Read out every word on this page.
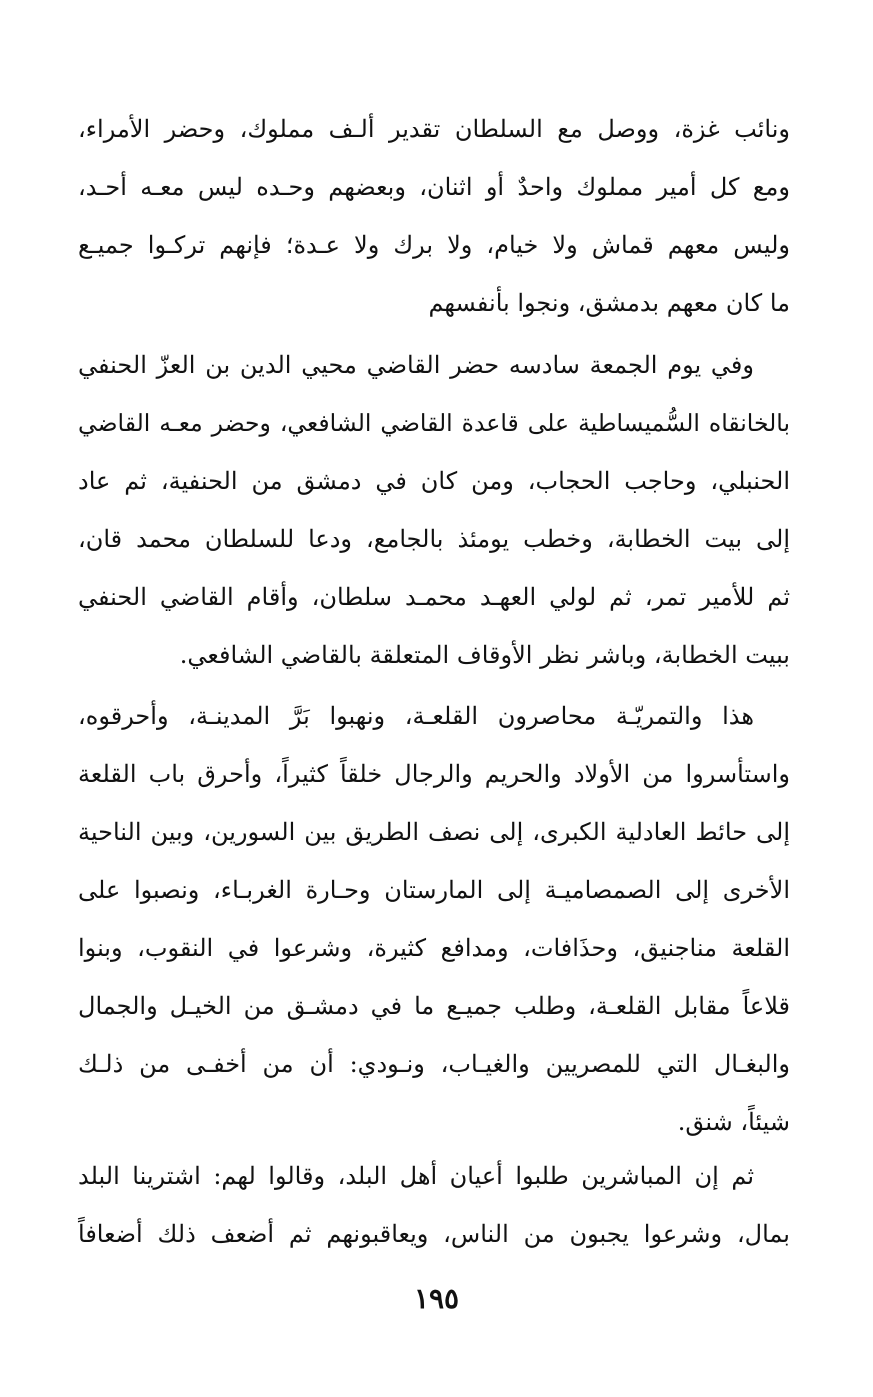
ونائب غزة، ووصل مع السلطان تقدير ألـف مملوك، وحضر الأمراء،
ومع كل أمير مملوك واحدٌ أو اثنان، وبعضهم وحـده ليس معـه أحـد،
وليس معهم قماش ولا خيام، ولا برك ولا عـدة؛ فإنهم تركـوا جميـع
ما كان معهم بدمشق، ونجوا بأنفسهم
وفي يوم الجمعة سادسه حضر القاضي محيي الدين بن العزّ الحنفي
بالخانقاه السُّميساطية على قاعدة القاضي الشافعي، وحضر معـه القاضي
الحنبلي، وحاجب الحجاب، ومن كان في دمشق من الحنفية، ثم عاد
إلى بيت الخطابة، وخطب يومئذ بالجامع، ودعا للسلطان محمد قان،
ثم للأمير تمر، ثم لولي العهـد محمـد سلطان، وأقام القاضي الحنفي
ببيت الخطابة، وباشر نظر الأوقاف المتعلقة بالقاضي الشافعي.
هذا والتمريّـة محاصرون القلعـة، ونهبوا بَرَّ المدينـة، وأحرقوه،
واستأسروا من الأولاد والحريم والرجال خلقاً كثيراً، وأحرق باب القلعة
إلى حائط العادلية الكبرى، إلى نصف الطريق بين السورين، وبين الناحية
الأخرى إلى الصمصاميـة إلى المارستان وحـارة الغربـاء، ونصبوا على
القلعة مناجنيق، وحذَافات، ومدافع كثيرة، وشرعوا في النقوب، وبنوا
قلاعاً مقابل القلعـة، وطلب جميـع ما في دمشـق من الخيـل والجمال
والبغـال التي للمصريين والغيـاب، ونـودي: أن من أخفـى من ذلـك
شيئاً، شنق.
ثم إن المباشرين طلبوا أعيان أهل البلد، وقالوا لهم: اشترينا البلد
بمال، وشرعوا يجبون من الناس، ويعاقبونهم ثم أضعف ذلك أضعافاً
١٩٥
